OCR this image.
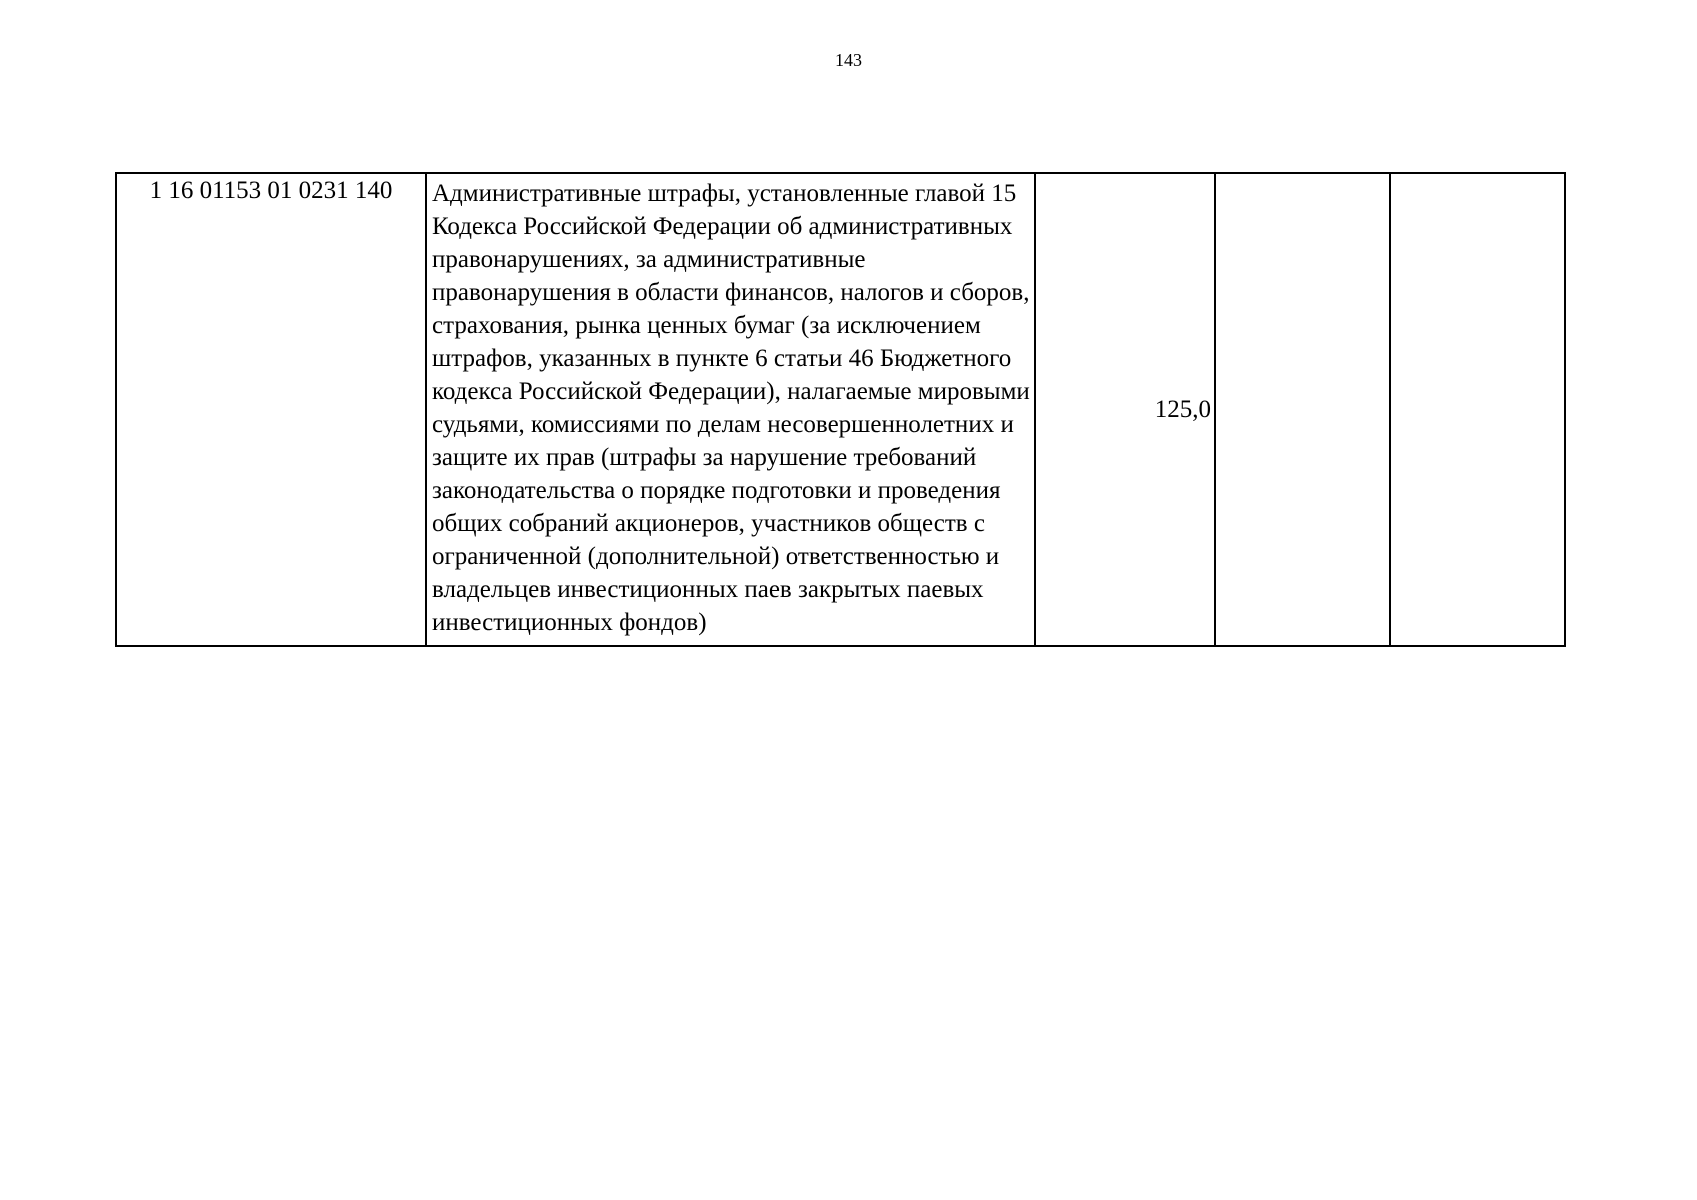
143
1 16 01153 01 0231 140	Административные штрафы, установленные главой 15 Кодекса Российской Федерации об административных правонарушениях, за административные правонарушения в области финансов, налогов и сборов, страхования, рынка ценных бумаг (за исключением штрафов, указанных в пункте 6 статьи 46 Бюджетного кодекса Российской Федерации), налагаемые мировыми судьями, комиссиями по делам несовершеннолетних и защите их прав (штрафы за нарушение требований законодательства о порядке подготовки и проведения общих собраний акционеров, участников обществ с ограниченной (дополнительной) ответственностью и владельцев инвестиционных паев закрытых паевых инвестиционных фондов)	125,0		
